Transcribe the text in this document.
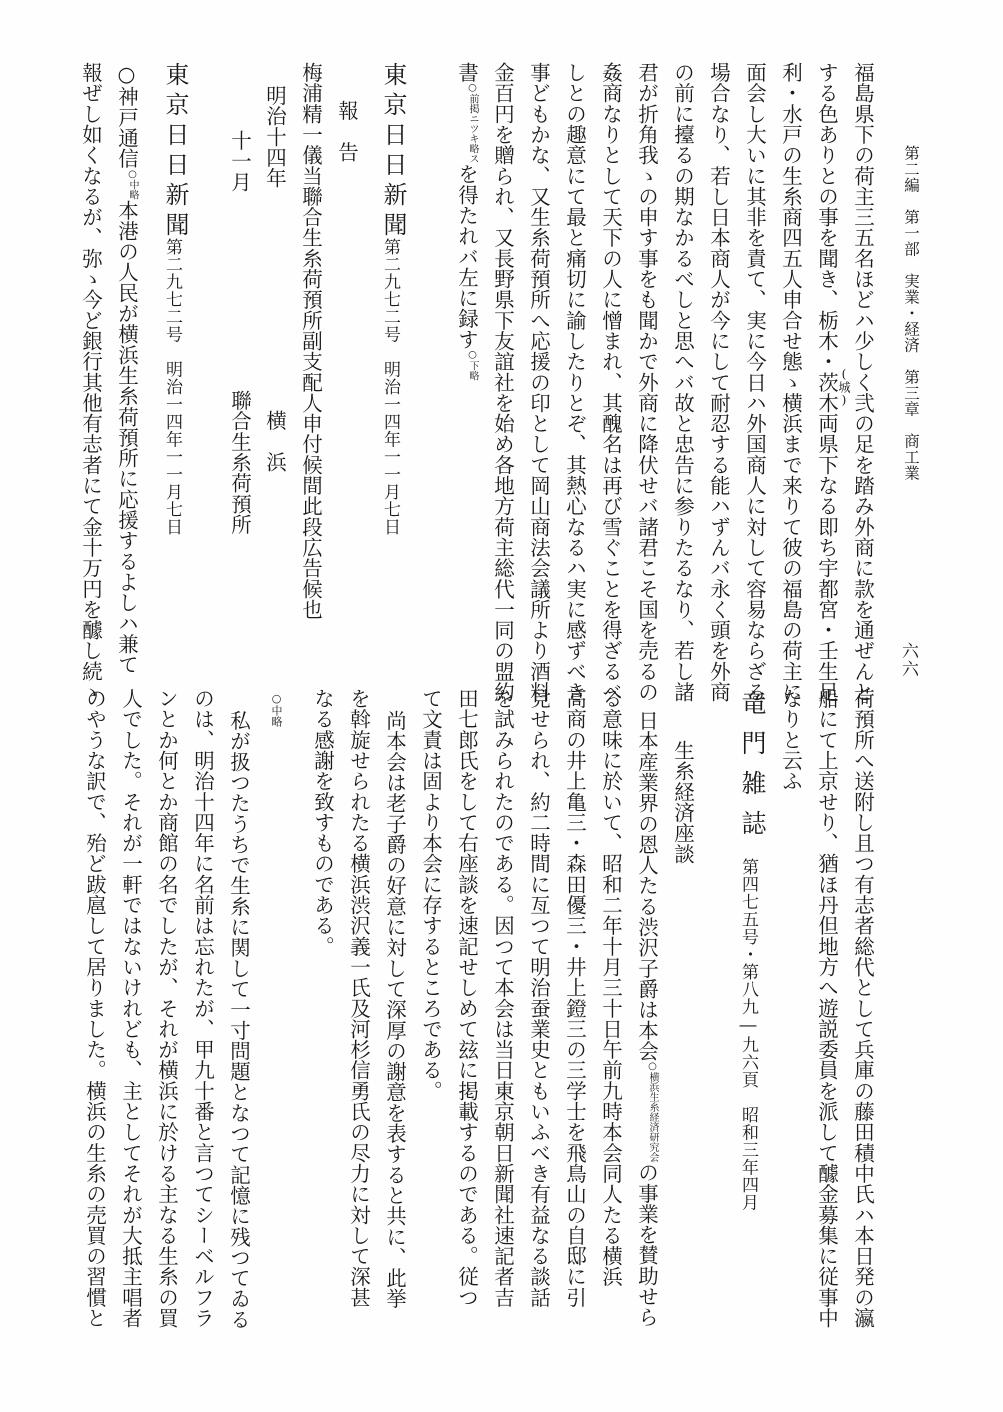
第二編　第一部　実業・経済　第三章　商工業
六六
福島県下の荷主三五名ほどハ少しく弐の足を踏み外商に款を通ぜんと
(城)
する色ありとの事を聞き、栃木・茨木両県下なる即ち宇都宮・壬生足
利・水戸の生糸商四五人申合せ態ゝ横浜まで来りて彼の福島の荷主に
面会し大いに其非を責て、実に今日ハ外国商人に対して容易ならざる
場合なり、若し日本商人が今にして耐忍する能ハずんバ永く頭を外商
の前に擡るの期なかるべしと思へバ故と忠告に参りたるなり、若し諸
君が折角我ゝの申す事をも聞かで外商に降伏せバ諸君こそ国を売るの
姦商なりとして天下の人に憎まれ、其醜名は再び雪ぐことを得ざるべ
しとの趣意にて最と痛切に諭したりとぞ、其熱心なるハ実に感ずべき
事どもかな、又生糸荷預所へ応援の印として岡山商法会議所より酒料
金百円を贈られ、又長野県下友誼社を始め各地方荷主総代一同の盟約
書○前掲ニツキ略スを得たれバ左に録す○下略
東京日日新聞
第二九七二号　明治一四年一一月七日
報　告
梅浦精一儀当聯合生糸荷預所副支配人申付候間此段広告候也
明治十四年
横　浜
十一月
聯合生糸荷預所
東京日日新聞
第二九七二号　明治一四年一一月七日
○神戸通信○中略本港の人民が横浜生糸荷預所に応援するよしハ兼て
報ぜし如くなるが、弥ゝ今ど銀行其他有志者にて金十万円を醵し続ゝ
荷預所へ送附し且つ有志者総代として兵庫の藤田積中氏ハ本日発の瀛
船にて上京せり、猶ほ丹但地方へ遊説委員を派して醵金募集に従事中
なりと云ふ
竜門雑誌
第四七五号・第八九―九六頁　昭和三年四月
生糸経済座談
日本産業界の恩人たる渋沢子爵は本会○横浜生糸経済研究会の事業を賛助せら
る意味に於いて、昭和二年十月三十日午前九時本会同人たる横浜
高商の井上亀三・森田優三・井上鐙三の三学士を飛鳥山の自邸に引
見せられ、約二時間に亙つて明治蚕業史ともいふべき有益なる談話
を試みられたのである。因つて本会は当日東京朝日新聞社速記者吉
田七郎氏をして右座談を速記せしめて玆に掲載するのである。従つ
て文責は固より本会に存するところである。
尚本会は老子爵の好意に対して深厚の謝意を表すると共に、此挙
を斡旋せられたる横浜渋沢義一氏及河杉信勇氏の尽力に対して深甚
なる感謝を致すものである。
○中略
私が扱つたうちで生糸に関して一寸問題となつて記憶に残つてゐる
のは、明治十四年に名前は忘れたが、甲九十番と言つてシーベルフラ
ンとか何とか商館の名でしたが、それが横浜に於ける主なる生糸の買
人でした。それが一軒ではないけれども、主としてそれが大抵主唱者
のやうな訳で、殆ど跋扈して居りました。横浜の生糸の売買の習慣と
